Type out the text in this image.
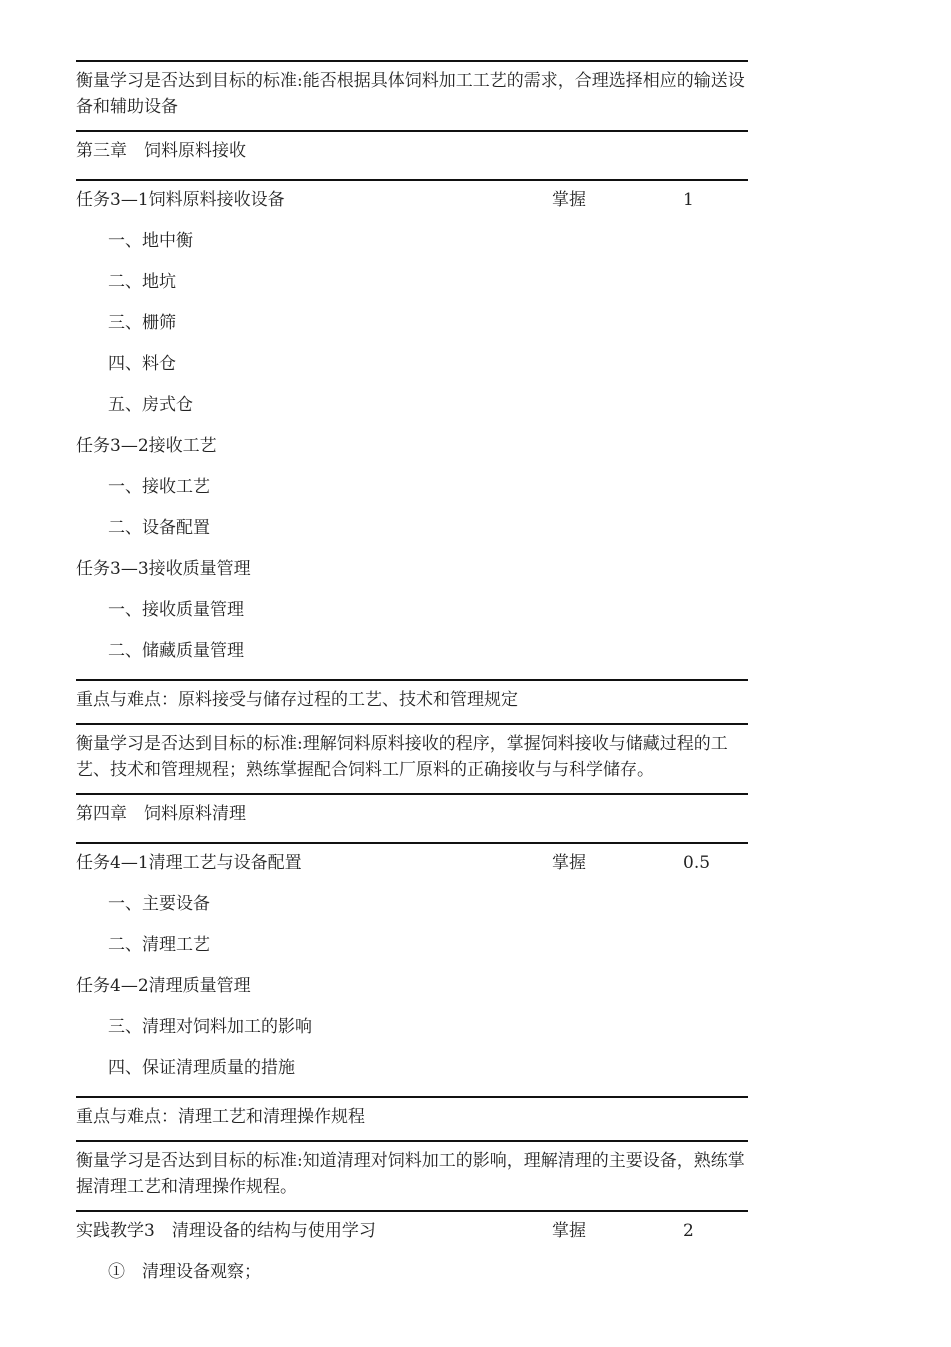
衡量学习是否达到目标的标准:能否根据具体饲料加工工艺的需求，合理选择相应的输送设备和辅助设备

第三章　饲料原料接收
任务3—1饲料原料接收设备	掌握	1
一、地中衡
二、地坑
三、栅筛
四、料仓
五、房式仓
任务3—2接收工艺
一、接收工艺
二、设备配置
任务3—3接收质量管理
一、接收质量管理
二、储藏质量管理

重点与难点：原料接受与储存过程的工艺、技术和管理规定

衡量学习是否达到目标的标准:理解饲料原料接收的程序，掌握饲料接收与储藏过程的工艺、技术和管理规程；熟练掌握配合饲料工厂原料的正确接收与与科学储存。

第四章　饲料原料清理
任务4—1清理工艺与设备配置	掌握	0.5
一、主要设备
二、清理工艺
任务4—2清理质量管理
三、清理对饲料加工的影响
四、保证清理质量的措施

重点与难点：清理工艺和清理操作规程

衡量学习是否达到目标的标准:知道清理对饲料加工的影响，理解清理的主要设备，熟练掌握清理工艺和清理操作规程。

实践教学3　清理设备的结构与使用学习	掌握	2
①　清理设备观察；
